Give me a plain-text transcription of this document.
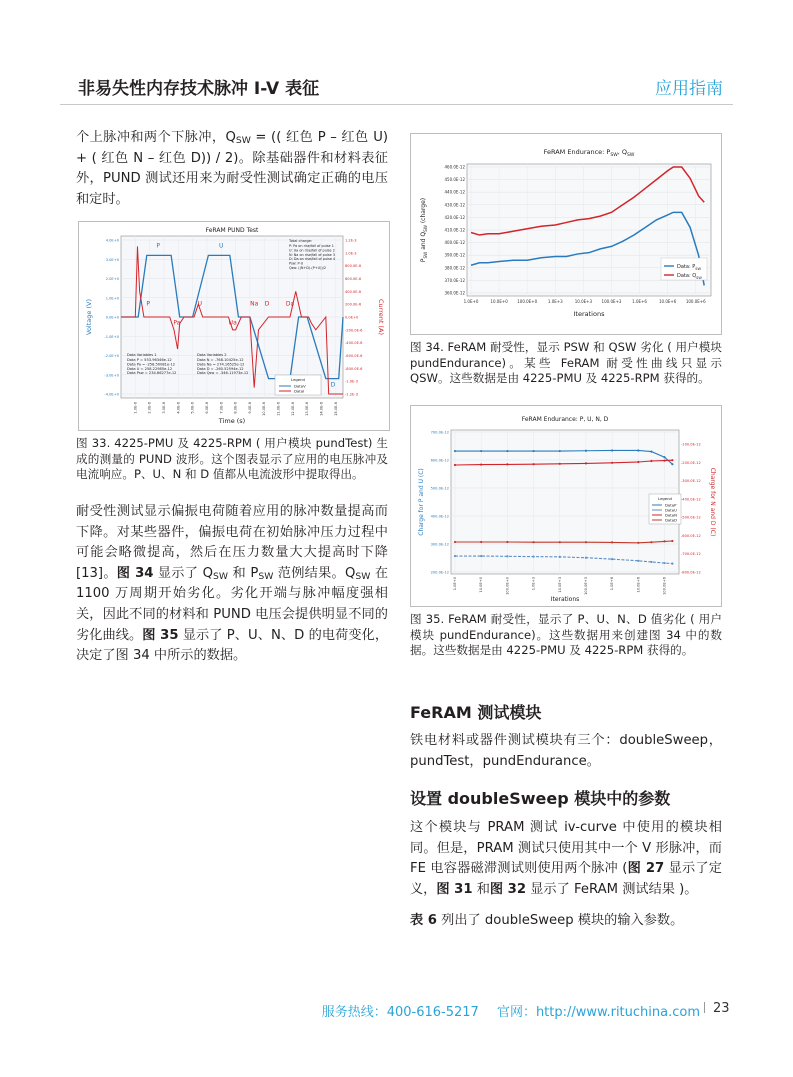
非易失性内存技术脉冲 I-V 表征	应用指南

个上脉冲和两个下脉冲，$Q_{SW}$ = (( 红色 P – 红色 U) + ( 红色 N – 红色 D)) / 2)。除基础器件和材料表征外，PUND 测试还用来为耐受性测试确定正确的电压和定时。

FeRAM PUND Test
4.0E+0
3.0E+0
2.0E+0
1.0E+0
0.0E+0
-1.0E+0
-2.0E+0
-3.0E+0
-4.0E+0
1.2E-3
1.0E-3
800.0E-6
600.0E-6
400.0E-6
200.0E-6
0.0E+0
-200.0E-6
-400.0E-6
-600.0E-6
-800.0E-6
-1.0E-3
-1.2E-3
1.0E-6	2.0E-6	3.0E-6	4.0E-6	5.0E-6	6.0E-6	7.0E-6	8.0E-6	9.0E-6	10.0E-6	11.0E-6	12.0E-6	13.0E-6	14.0E-6	15.0E-6
Time (s)
Voltage (V)	Current (A)
P	U
D
P
Pa
U
Ua
Na D	Da
Total charge:
P: Pa on rise/fall of pulse 1
U: Ua on rise/fall of pulse 2
N: Na on rise/fall of pulse 3
D: Da on rise/fall of pulse 4
Psw: P-U
Qsw: ((N+D)-(P+U))/2
Data Variables 1
Data P = 553.96346e-12
Data Pa = -258.50081e-12
Data U = 258.22985e-12
Data Psw = 234.66277e-12
Data Variables 2
Data N = -768.10425e-12
Data Na = 274.16525e-12
Data D = -260.52594e-12
Data Qsw = -346.11973e-12
Legend
DataV
DataI

图 33. 4225-PMU 及 4225-RPM ( 用户模块 pundTest) 生成的测量的 PUND 波形。这个图表显示了应用的电压脉冲及电流响应。P、U、N 和 D 值都从电流波形中提取得出。

耐受性测试显示偏振电荷随着应用的脉冲数量提高而下降。对某些器件，偏振电荷在初始脉冲压力过程中可能会略微提高，然后在压力数量大大提高时下降 [13]。图 34 显示了 $Q_{SW}$ 和 $P_{SW}$ 范例结果。$Q_{SW}$ 在 1100 万周期开始劣化。劣化开端与脉冲幅度强相关，因此不同的材料和 PUND 电压会提供明显不同的劣化曲线。图 35 显示了 P、U、N、D 的电荷变化，决定了图 34 中所示的数据。

FeRAM Endurance: $P_{SW}$, $Q_{SW}$
460.0E-12
450.0E-12
440.0E-12
430.0E-12
420.0E-12
410.0E-12
400.0E-12
390.0E-12
380.0E-12
370.0E-12
360.0E-12
1.0E+0	10.0E+0 100.0E+0	1.0E+3	10.0E+3 100.0E+3	1.0E+6	10.0E+6 100.0E+6
Iterations
$P_{SW}$ and $Q_{SW}$ (charge)
Data: $P_{SW}$
Data: $Q_{SW}$

图 34. FeRAM 耐受性，显示 PSW 和 QSW 劣化 ( 用户模块 pundEndurance)。某些 FeRAM 耐受性曲线只显示 QSW。这些数据是由 4225-PMU 及 4225-RPM 获得的。

FeRAM Endurance: P, U, N, D
700.0E-12
600.0E-12
500.0E-12
400.0E-12
300.0E-12
200.0E-12
-100.0E-12
-200.0E-12
-300.0E-12
-400.0E-12
-500.0E-12
-600.0E-12
-700.0E-12
-800.0E-12
1.0E+0	10.0E+0	100.0E+0	1.0E+3	10.0E+3	100.0E+3	1.0E+6	10.0E+6	100.0E+6
Iterations
Charge for P and U (C)	Charge for N and D (C)
Legend
DataP
DataU
DataN
DataD

图 35. FeRAM 耐受性，显示了 P、U、N、D 值劣化 ( 用户模块 pundEndurance)。这些数据用来创建图 34 中的数据。这些数据是由 4225-PMU 及 4225-RPM 获得的。

FeRAM 测试模块

铁电材料或器件测试模块有三个：doubleSweep，pundTest，pundEndurance。

设置 doubleSweep 模块中的参数

这个模块与 PRAM 测试 iv-curve 中使用的模块相同。但是，PRAM 测试只使用其中一个 V 形脉冲，而 FE 电容器磁滞测试则使用两个脉冲 (图 27 显示了定义，图 31 和图 32 显示了 FeRAM 测试结果 )。

表 6 列出了 doubleSweep 模块的输入参数。

服务热线：400-616-5217 官网：http://www.rituchina.com	23
